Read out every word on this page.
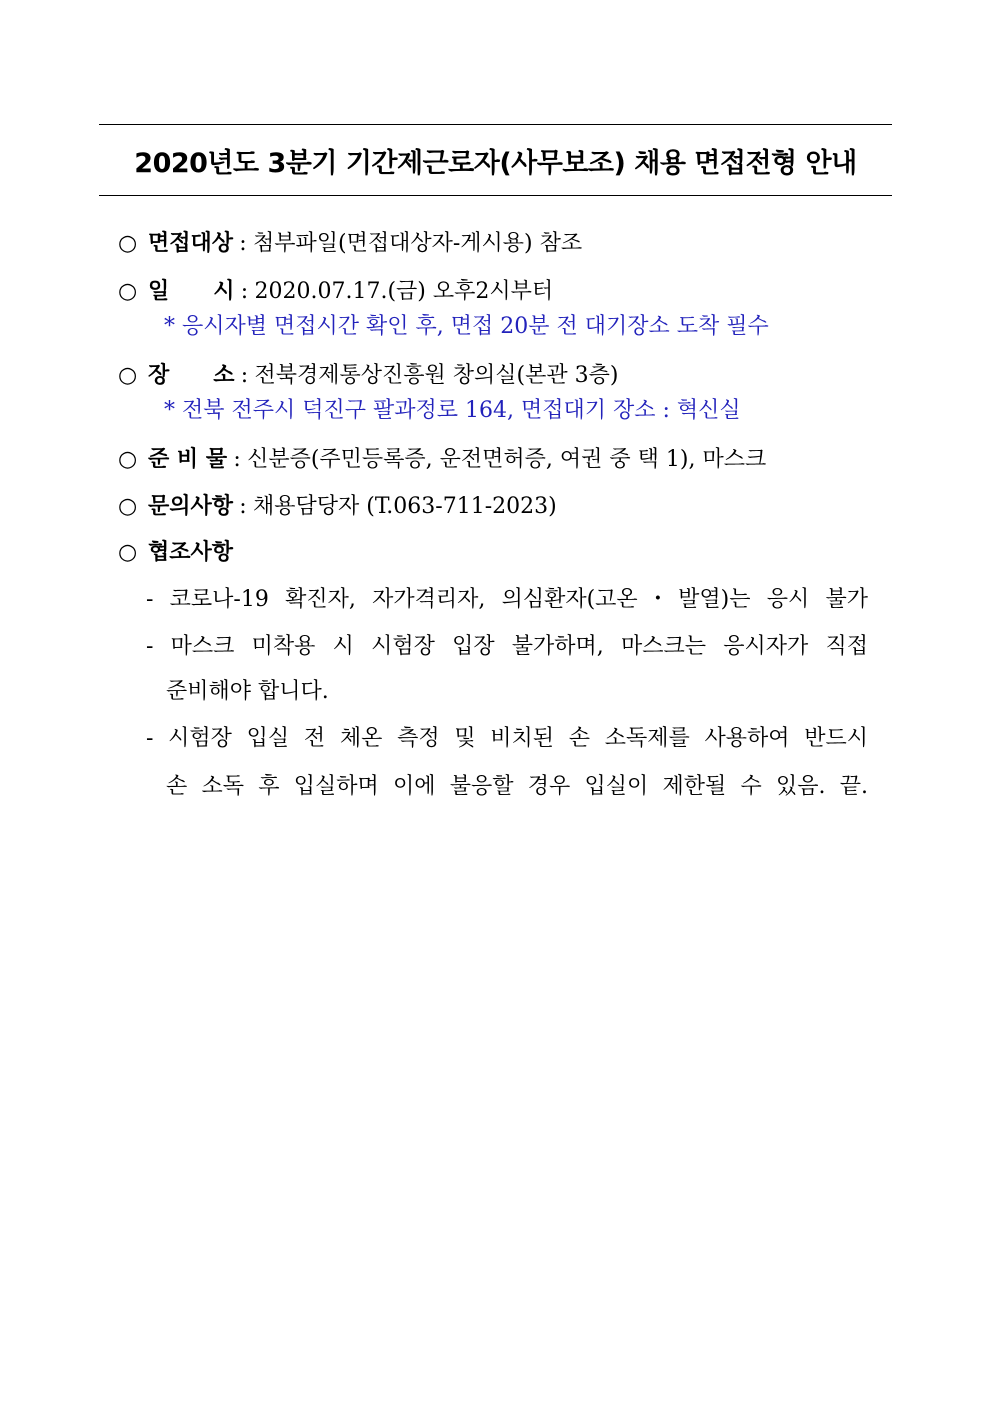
2020년도 3분기 기간제근로자(사무보조) 채용 면접전형 안내
○ 면접대상 : 첨부파일(면접대상자-게시용) 참조
○ 일　　시 : 2020.07.17.(금) 오후2시부터
* 응시자별 면접시간 확인 후, 면접 20분 전 대기장소 도착 필수
○ 장　　소 : 전북경제통상진흥원 창의실(본관 3층)
* 전북 전주시 덕진구 팔과정로 164, 면접대기 장소 : 혁신실
○ 준 비 물 : 신분증(주민등록증, 운전면허증, 여권 중 택 1), 마스크
○ 문의사항 : 채용담당자 (T.063-711-2023)
○ 협조사항
- 코로나-19 확진자, 자가격리자, 의심환자(고온・발열)는 응시 불가
- 마스크 미착용 시 시험장 입장 불가하며, 마스크는 응시자가 직접
준비해야 합니다.
- 시험장 입실 전 체온 측정 및 비치된 손 소독제를 사용하여 반드시
손 소독 후 입실하며 이에 불응할 경우 입실이 제한될 수 있음. 끝.
